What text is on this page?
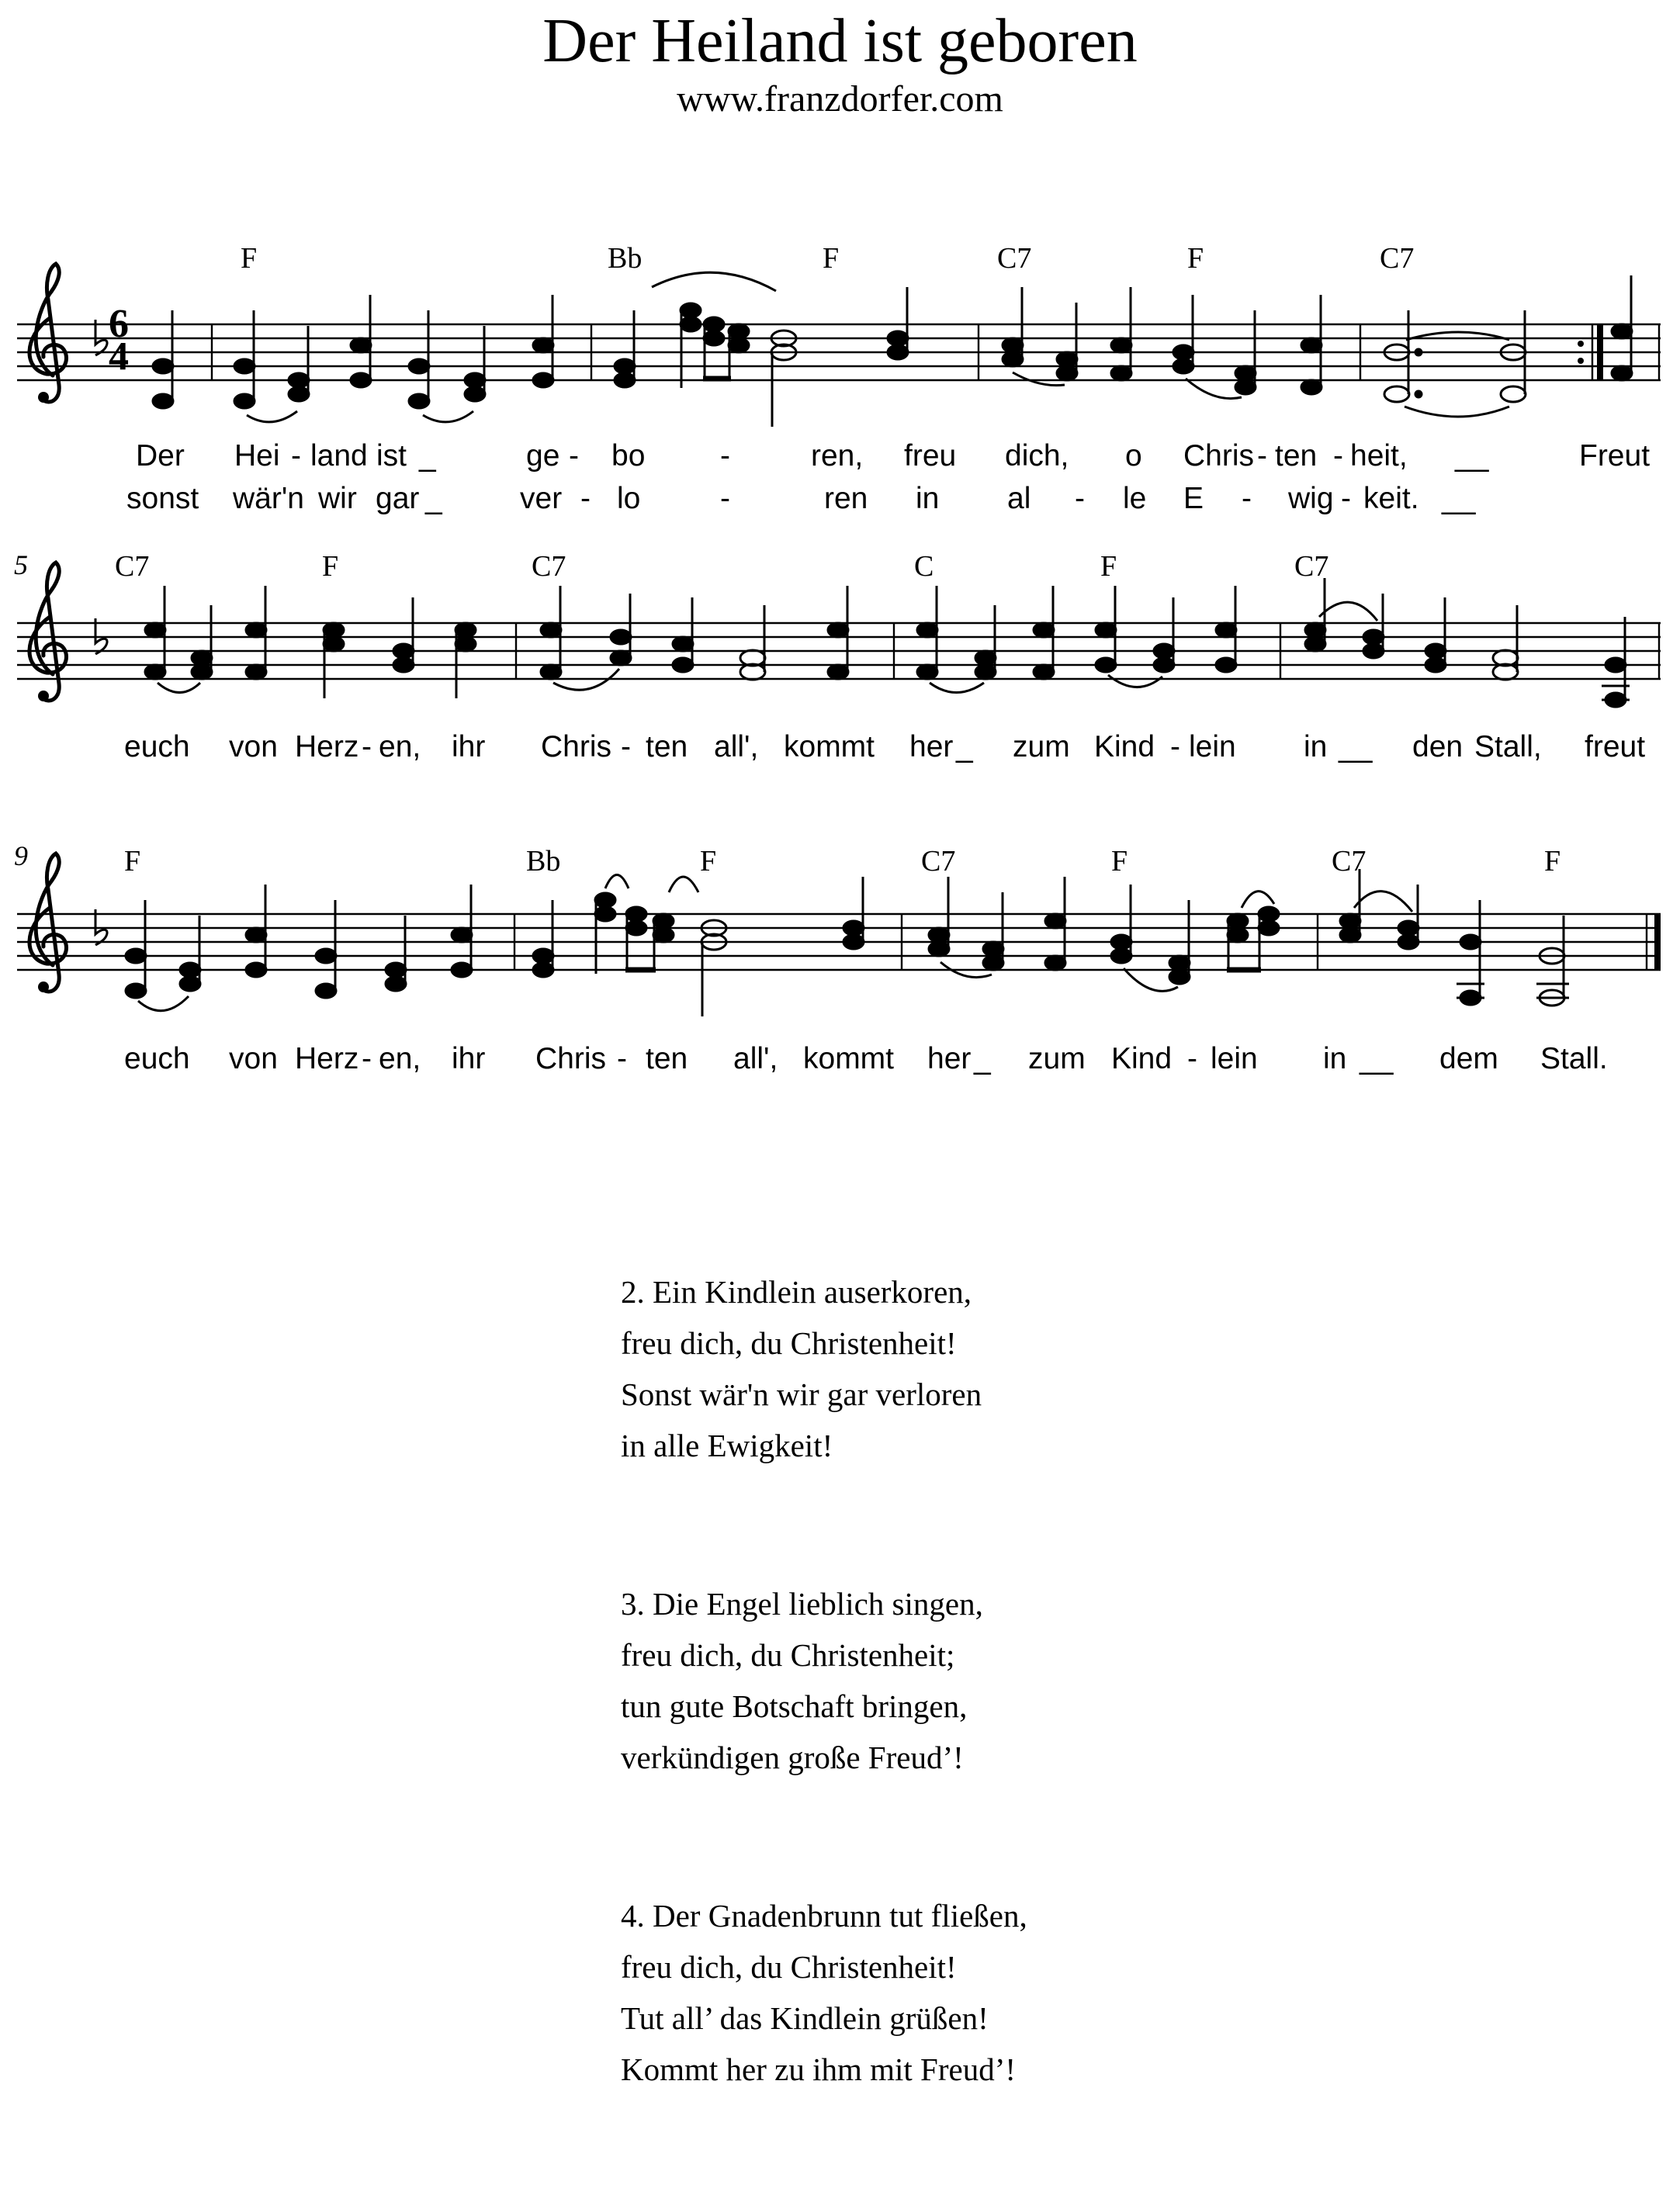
Der Heiland ist geboren
www.franzdorfer.com
6
4
5
9
F	Bb	F	C7	F	C7
C7	F	C7	C	F	C7
F	Bb	F	C7	F	C7	F
Der Hei - land ist _	ge - bo -	ren, freu dich, o Chris - ten - heit, __	Freut
sonst wär'n wir gar _	ver - lo	-	ren in al - le E - wig - keit. __
euch von Herz - en, ihr Chris - ten all', kommt her _ zum Kind - lein in __ den Stall, freut
euch von Herz - en, ihr Chris - ten all', kommt her _ zum Kind - lein in __ dem Stall.
2. Ein Kindlein auserkoren,
freu dich, du Christenheit!
Sonst wär'n wir gar verloren
in alle Ewigkeit!
3. Die Engel lieblich singen,
freu dich, du Christenheit;
tun gute Botschaft bringen,
verkündigen große Freud’!
4. Der Gnadenbrunn tut fließen,
freu dich, du Christenheit!
Tut all’ das Kindlein grüßen!
Kommt her zu ihm mit Freud’!
